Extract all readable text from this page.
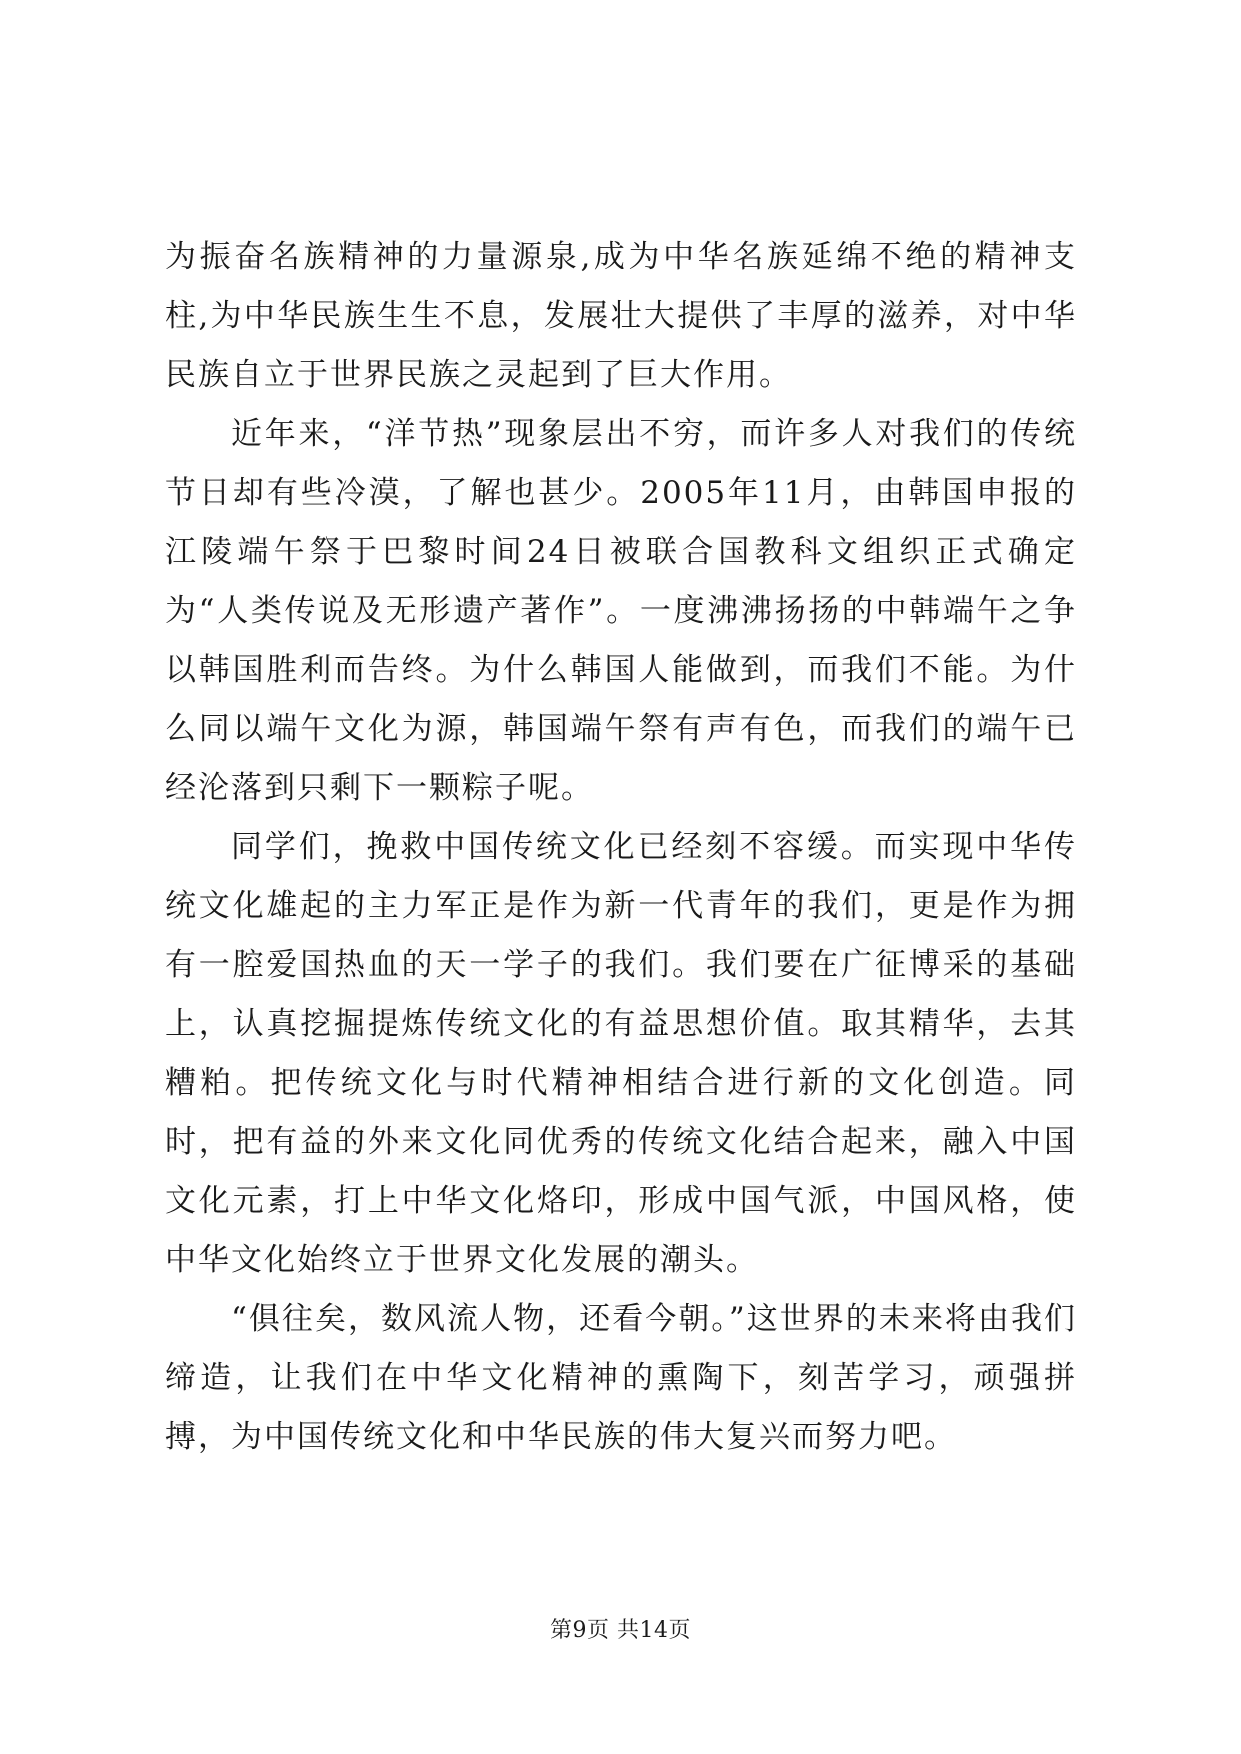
为振奋名族精神的力量源泉,成为中华名族延绵不绝的精神支柱,为中华民族生生不息，发展壮大提供了丰厚的滋养，对中华民族自立于世界民族之灵起到了巨大作用。

近年来，“洋节热”现象层出不穷，而许多人对我们的传统节日却有些冷漠，了解也甚少。2005年11月，由韩国申报的江陵端午祭于巴黎时间24日被联合国教科文组织正式确定为“人类传说及无形遗产著作”。一度沸沸扬扬的中韩端午之争以韩国胜利而告终。为什么韩国人能做到，而我们不能。为什么同以端午文化为源，韩国端午祭有声有色，而我们的端午已经沦落到只剩下一颗粽子呢。

同学们，挽救中国传统文化已经刻不容缓。而实现中华传统文化雄起的主力军正是作为新一代青年的我们，更是作为拥有一腔爱国热血的天一学子的我们。我们要在广征博采的基础上，认真挖掘提炼传统文化的有益思想价值。取其精华，去其糟粕。把传统文化与时代精神相结合进行新的文化创造。同时，把有益的外来文化同优秀的传统文化结合起来，融入中国文化元素，打上中华文化烙印，形成中国气派，中国风格，使中华文化始终立于世界文化发展的潮头。

“俱往矣，数风流人物，还看今朝。”这世界的未来将由我们缔造，让我们在中华文化精神的熏陶下，刻苦学习，顽强拼搏，为中国传统文化和中华民族的伟大复兴而努力吧。

第9页 共14页
